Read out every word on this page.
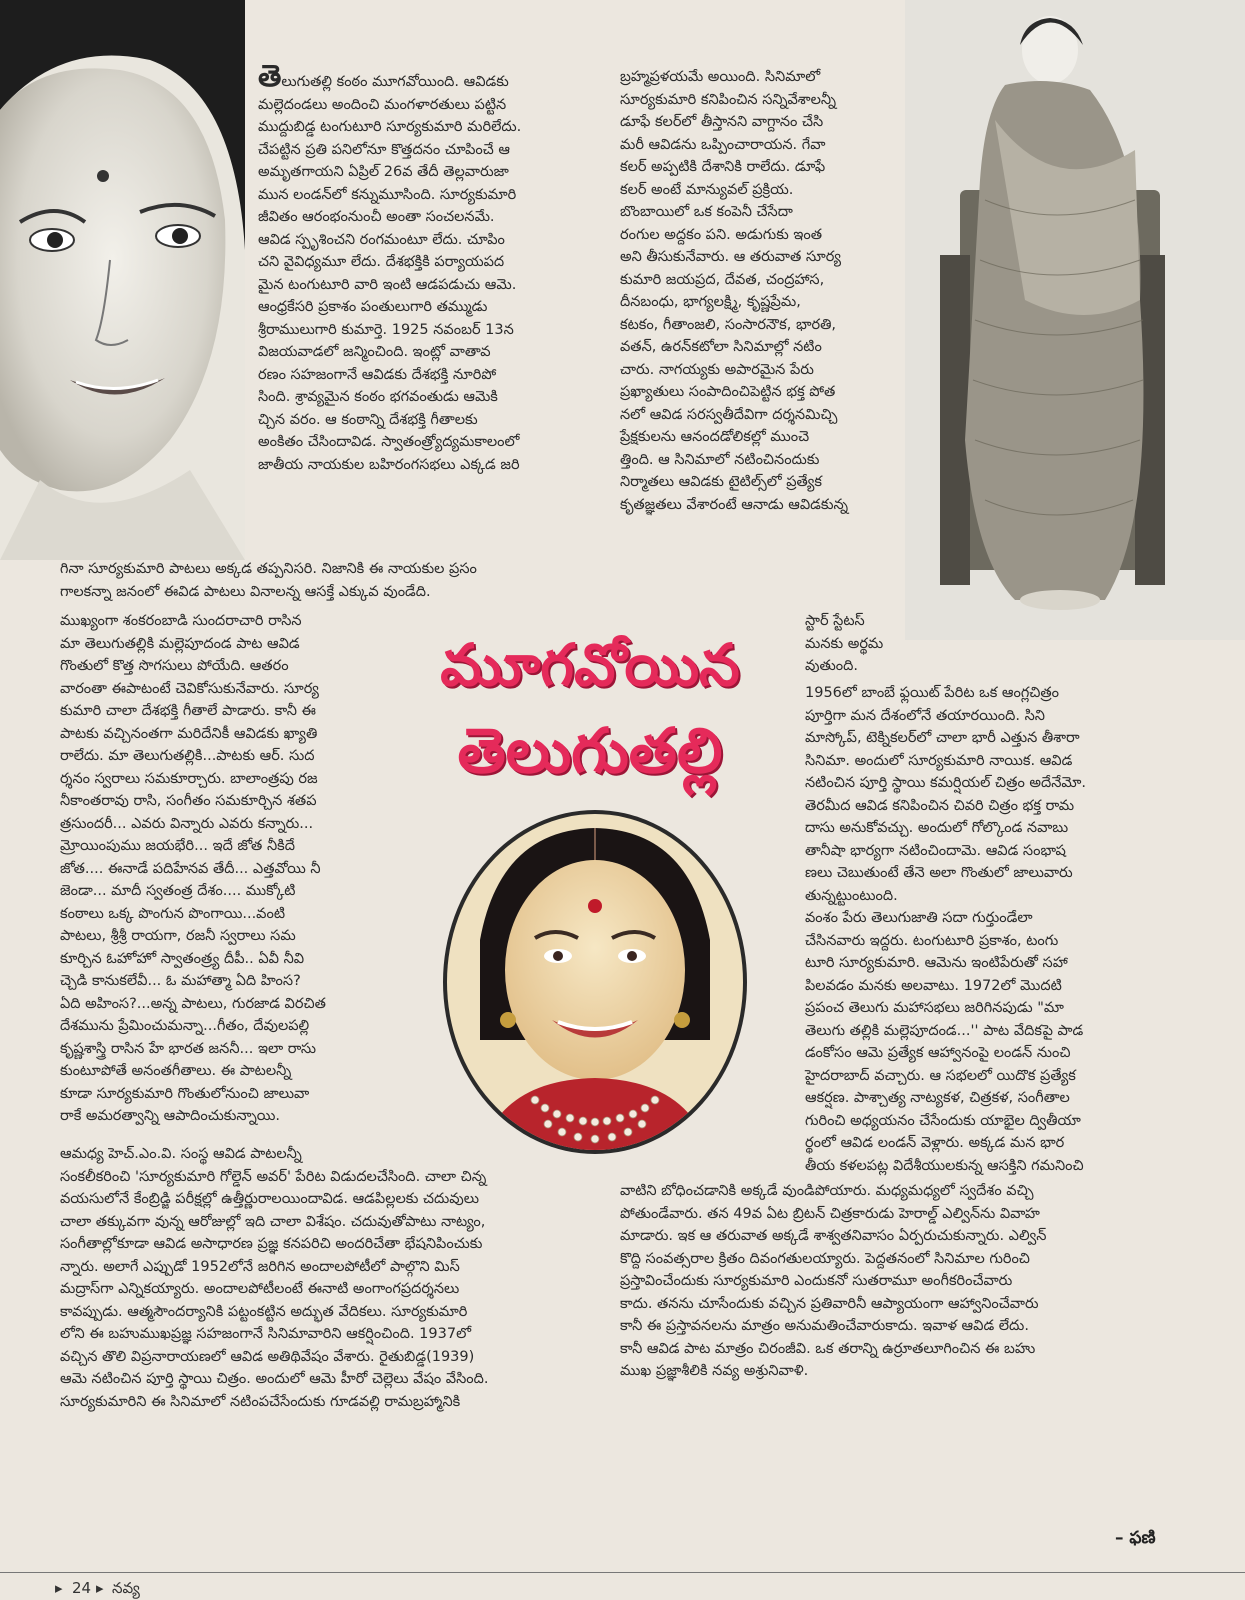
తెలుగుతల్లి కంఠం మూగవోయింది. ఆవిడకు
మల్లెదండలు అందించి మంగళారతులు పట్టిన
ముద్దుబిడ్డ టంగుటూరి సూర్యకుమారి మరిలేదు.
చేపట్టిన ప్రతి పనిలోనూ కొత్తదనం చూపించే ఆ
అమృతగాయని ఏప్రిల్ 26వ తేదీ తెల్లవారుజా
మున లండన్‌లో కన్నుమూసింది. సూర్యకుమారి
జీవితం ఆరంభంనుంచీ అంతా సంచలనమే.
ఆవిడ స్పృశించని రంగమంటూ లేదు. చూపిం
చని వైవిధ్యమూ లేదు. దేశభక్తికి పర్యాయపద
మైన టంగుటూరి వారి ఇంటి ఆడపడుచు ఆమె.
ఆంధ్రకేసరి ప్రకాశం పంతులుగారి తమ్ముడు
శ్రీరాములుగారి కుమార్తె. 1925 నవంబర్ 13న
విజయవాడలో జన్మించింది. ఇంట్లో వాతావ
రణం సహజంగానే ఆవిడకు దేశభక్తి నూరిపో
సింది. శ్రావ్యమైన కంఠం భగవంతుడు ఆమెకి
చ్చిన వరం. ఆ కంఠాన్ని దేశభక్తి గీతాలకు
అంకితం చేసిందావిడ. స్వాతంత్ర్యోద్యమకాలంలో
జాతీయ నాయకుల బహిరంగసభలు ఎక్కడ జరి
గినా సూర్యకుమారి పాటలు అక్కడ తప్పనిసరి. నిజానికి ఈ నాయకుల ప్రసం
గాలకన్నా జనంలో ఈవిడ పాటలు వినాలన్న ఆసక్తే ఎక్కువ వుండేది.
ముఖ్యంగా శంకరంబాడి సుందరాచారి రాసిన
మా తెలుగుతల్లికి మల్లెపూదండ పాట ఆవిడ
గొంతులో కొత్త సొగసులు పోయేది. ఆతరం
వారంతా ఈపాటంటే చెవికోసుకునేవారు. సూర్య
కుమారి చాలా దేశభక్తి గీతాలే పాడారు. కానీ ఈ
పాటకు వచ్చినంతగా మరిదేనికీ ఆవిడకు ఖ్యాతి
రాలేదు. మా తెలుగుతల్లికి...పాటకు ఆర్. సుద
ర్శనం స్వరాలు సమకూర్చారు. బాలాంత్రపు రజ
నీకాంతరావు రాసి, సంగీతం సమకూర్చిన శతప
త్రసుందరీ... ఎవరు విన్నారు ఎవరు కన్నారు...
మ్రోయింపుము జయభేరి... ఇదే జోత నీకిదే
జోత.... ఈనాడే పదిహేనవ తేదీ... ఎత్తవోయి నీ
జెండా... మాదీ స్వతంత్ర దేశం.... ముక్కోటి
కంఠాలు ఒక్క పొంగున పొంగాయి...వంటి
పాటలు, శ్రీశ్రీ రాయగా, రజనీ స్వరాలు సమ
కూర్చిన ఓహోహో స్వాతంత్ర్య దీపీ.. ఏవీ నీవి
చ్చెడి కానుకలేవీ... ఓ మహాత్మా ఏది హింస?
ఏది అహింస?...అన్న పాటలు, గురజాడ విరచిత
దేశమును ప్రేమించుమన్నా...గీతం, దేవులపల్లి
కృష్ణశాస్త్రి రాసిన హే భారత జననీ... ఇలా రాసు
కుంటూపోతే అనంతగీతాలు. ఈ పాటలన్నీ
కూడా సూర్యకుమారి గొంతులోనుంచి జాలువా
రాకే అమరత్వాన్ని ఆపాదించుకున్నాయి.
ఆమధ్య హెచ్.ఎం.వి. సంస్థ ఆవిడ పాటలన్నీ
సంకలీకరించి 'సూర్యకుమారి గోల్డెన్ అవర్' పేరిట విడుదలచేసింది. చాలా చిన్న
వయసులోనే కేంబ్రిడ్జి పరీక్షల్లో ఉత్తీర్ణురాలయిందావిడ. ఆడపిల్లలకు చదువులు
చాలా తక్కువగా వున్న ఆరోజుల్లో ఇది చాలా విశేషం. చదువుతోపాటు నాట్యం,
సంగీతాల్లోకూడా ఆవిడ అసాధారణ ప్రజ్ఞ కనపరిచి అందరిచేతా భేషనిపించుకు
న్నారు. అలాగే ఎప్పుడో 1952లోనే జరిగిన అందాలపోటీలో పాల్గొని మిస్
మద్రాస్‌గా ఎన్నికయ్యారు. అందాలపోటీలంటే ఈనాటి అంగాంగప్రదర్శనలు
కావప్పుడు. ఆత్మసౌందర్యానికి పట్టంకట్టిన అద్భుత వేదికలు. సూర్యకుమారి
లోని ఈ బహుముఖప్రజ్ఞ సహజంగానే సినిమావారిని ఆకర్షించింది. 1937లో
వచ్చిన తొలి విప్రనారాయణలో ఆవిడ అతిథివేషం వేశారు. రైతుబిడ్డ(1939)
ఆమె నటించిన పూర్తి స్థాయి చిత్రం. అందులో ఆమె హీరో చెల్లెలు వేషం వేసింది.
సూర్యకుమారిని ఈ సినిమాలో నటింపచేసేందుకు గూడవల్లి రామబ్రహ్మానికి
బ్రహ్మప్రళయమే అయింది. సినిమాలో
సూర్యకుమారి కనిపించిన సన్నివేశాలన్నీ
డూఫే కలర్‌లో తీస్తానని వాగ్దానం చేసి
మరీ ఆవిడను ఒప్పించారాయన. గేవా
కలర్ అప్పటికి దేశానికి రాలేదు. డూఫే
కలర్ అంటే మాన్యువల్ ప్రక్రియ.
బొంబాయిలో ఒక కంపెనీ చేసేదా
రంగుల అద్దకం పని. అడుగుకు ఇంత
అని తీసుకునేవారు. ఆ తరువాత సూర్య
కుమారి జయప్రద, దేవత, చంద్రహాస,
దీనబంధు, భాగ్యలక్ష్మి, కృష్ణప్రేమ,
కటకం, గీతాంజలి, సంసారనౌక, భారతి,
వతన్, ఉరన్‌కటోలా సినిమాల్లో నటిం
చారు. నాగయ్యకు అపారమైన పేరు
ప్రఖ్యాతులు సంపాదించిపెట్టిన భక్త పోత
నలో ఆవిడ సరస్వతీదేవిగా దర్శనమిచ్చి
ప్రేక్షకులను ఆనందడోలికల్లో ముంచె
త్తింది. ఆ సినిమాలో నటించినందుకు
నిర్మాతలు ఆవిడకు టైటిల్స్‌లో ప్రత్యేక
కృతజ్ఞతలు వేశారంటే ఆనాడు ఆవిడకున్న
స్టార్ స్టేటస్
మనకు అర్థమ
వుతుంది.
మూగవోయిన
తెలుగుతల్లి
1956లో బాంబే ఫ్లయిట్ పేరిట ఒక ఆంగ్లచిత్రం
పూర్తిగా మన దేశంలోనే తయారయింది. సిని
మాస్కోప్, టెక్నికలర్‌లో చాలా భారీ ఎత్తున తీశారా
సినిమా. అందులో సూర్యకుమారి నాయిక. ఆవిడ
నటించిన పూర్తి స్థాయి కమర్షియల్ చిత్రం అదేనేమో.
తెరమీద ఆవిడ కనిపించిన చివరి చిత్రం భక్త రామ
దాసు అనుకోవచ్చు. అందులో గోల్కొండ నవాబు
తానీషా భార్యగా నటించిందామె. ఆవిడ సంభాష
ణలు చెబుతుంటే తేనె అలా గొంతులో జాలువారు
తున్నట్టుంటుంది.
వంశం పేరు తెలుగుజాతి సదా గుర్తుండేలా
చేసినవారు ఇద్దరు. టంగుటూరి ప్రకాశం, టంగు
టూరి సూర్యకుమారి. ఆమెను ఇంటిపేరుతో సహా
పిలవడం మనకు అలవాటు. 1972లో మొదటి
ప్రపంచ తెలుగు మహాసభలు జరిగినపుడు "మా
తెలుగు తల్లికి మల్లెపూదండ...'' పాట వేదికపై పాడ
డంకోసం ఆమె ప్రత్యేక ఆహ్వానంపై లండన్ నుంచి
హైదరాబాద్ వచ్చారు. ఆ సభలలో యిదొక ప్రత్యేక
ఆకర్షణ. పాశ్చాత్య నాట్యకళ, చిత్రకళ, సంగీతాల
గురించి అధ్యయనం చేసేందుకు యాభైల ద్వితీయా
ర్థంలో ఆవిడ లండన్ వెళ్లారు. అక్కడ మన భార
తీయ కళలపట్ల విదేశీయులకున్న ఆసక్తిని గమనించి
వాటిని బోధించడానికి అక్కడే వుండిపోయారు. మధ్యమధ్యలో స్వదేశం వచ్చి
పోతుండేవారు. తన 49వ ఏట బ్రిటన్ చిత్రకారుడు హెరాల్డ్ ఎల్విన్‌ను వివాహ
మాడారు. ఇక ఆ తరువాత అక్కడే శాశ్వతనివాసం ఏర్పరుచుకున్నారు. ఎల్విన్
కొద్ది సంవత్సరాల క్రితం దివంగతులయ్యారు. పెద్దతనంలో సినిమాల గురించి
ప్రస్తావించేందుకు సూర్యకుమారి ఎందుకనో సుతరామూ అంగీకరించేవారు
కాదు. తనను చూసేందుకు వచ్చిన ప్రతివారినీ ఆప్యాయంగా ఆహ్వానించేవారు
కానీ ఈ ప్రస్తావనలను మాత్రం అనుమతించేవారుకాదు. ఇవాళ ఆవిడ లేదు.
కానీ ఆవిడ పాట మాత్రం చిరంజీవి. ఒక తరాన్ని ఉర్రూతలూగించిన ఈ బహు
ముఖ ప్రజ్ఞాశీలికి నవ్య అశ్రునివాళి.
– ఫణి
▸ 24 ▸ నవ్య
